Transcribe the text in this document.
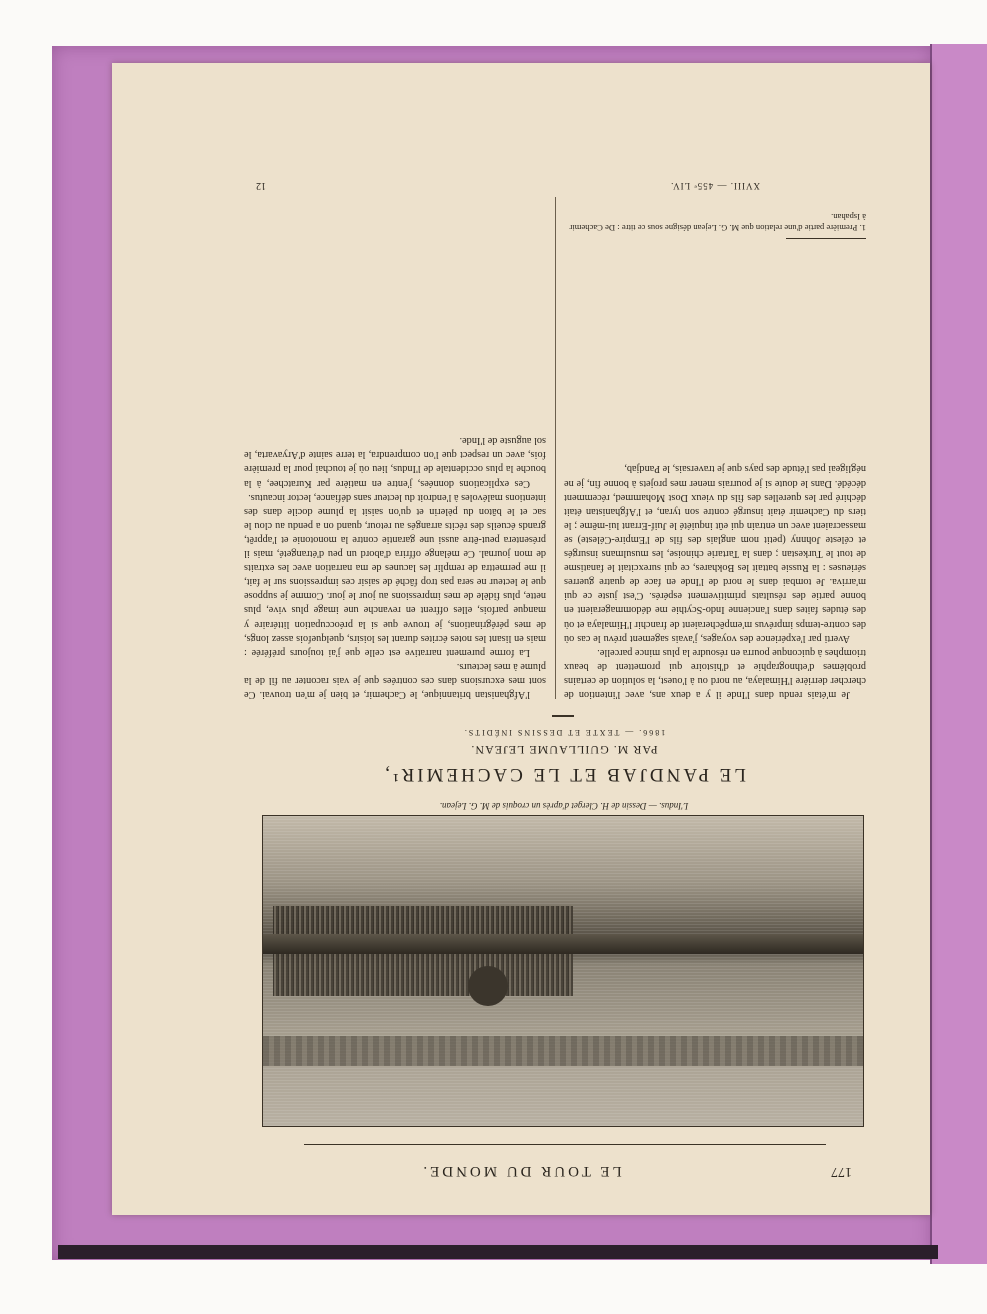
LE TOUR DU MONDE.	177
L'Indus. — Dessin de H. Clerget d'après un croquis de M. G. Lejean.
LE PANDJAB ET LE CACHEMIR¹,
PAR M. GUILLAUME LEJEAN.
1866. — TEXTE ET DESSINS INÉDITS.

Je m'étais rendu dans l'Inde il y a deux ans, avec l'intention de chercher derrière l'Himalaya, au nord ou à l'ouest, la solution de certains problèmes d'ethnographie et d'histoire qui promettent de beaux triomphes à quiconque pourra en résoudre la plus mince parcelle.

Averti par l'expérience des voyages, j'avais sagement prévu le cas où des contre-temps imprévus m'empêcheraient de franchir l'Himalaya et où des études faites dans l'ancienne Indo-Scythie me dédommageraient en bonne partie des résultats primitivement espérés. C'est juste ce qui m'arriva. Je tombai dans le nord de l'Inde en face de quatre guerres sérieuses : la Russie battait les Bokhares, ce qui surexcitait le fanatisme de tout le Turkestan ; dans la Tartarie chinoise, les musulmans insurgés et céleste Johnny (petit nom anglais des fils de l'Empire-Céleste) se massacraient avec un entrain qui eût inquiété le Juif-Errant lui-même ; le tiers du Cachemir était insurgé contre son tyran, et l'Afghanistan était déchiré par les querelles des fils du vieux Dost Mohammed, récemment décédé. Dans le doute si je pourrais mener mes projets à bonne fin, je ne négligeai pas l'étude des pays que je traversais, le Pandjab,

l'Afghanistan britannique, le Cachemir, et bien je m'en trouvai. Ce sont mes excursions dans ces contrées que je vais raconter au fil de la plume à mes lecteurs.

La forme purement narrative est celle que j'ai toujours préférée : mais en lisant les notes écrites durant les loisirs, quelquefois assez longs, de mes pérégrinations, je trouve que si la préoccupation littéraire y manque parfois, elles offrent en revanche une image plus vive, plus nette, plus fidèle de mes impressions au jour le jour. Comme je suppose que le lecteur ne sera pas trop fâché de saisir ces impressions sur le fait, il me permettra de remplir les lacunes de ma narration avec les extraits de mon journal. Ce mélange offrira d'abord un peu d'étrangeté, mais il présentera peut-être aussi une garantie contre la monotonie et l'apprêt, grands écueils des récits arrangés au retour, quand on a pendu au clou le sac et le bâton du pèlerin et qu'on saisit la plume docile dans des intentions malévoles à l'endroit du lecteur sans défiance, lector incautus.

Ces explications données, j'entre en matière par Kuratchee, à la bouche la plus occidentale de l'Indus, lieu où je touchai pour la première fois, avec un respect que l'on comprendra, la terre sainte d'Aryavarta, le sol auguste de l'Inde.

1. Première partie d'une relation que M. G. Lejean désigne sous ce titre : De Cachemir à Ispahan.
XVIII. — 455ᵉ LIV.
12
